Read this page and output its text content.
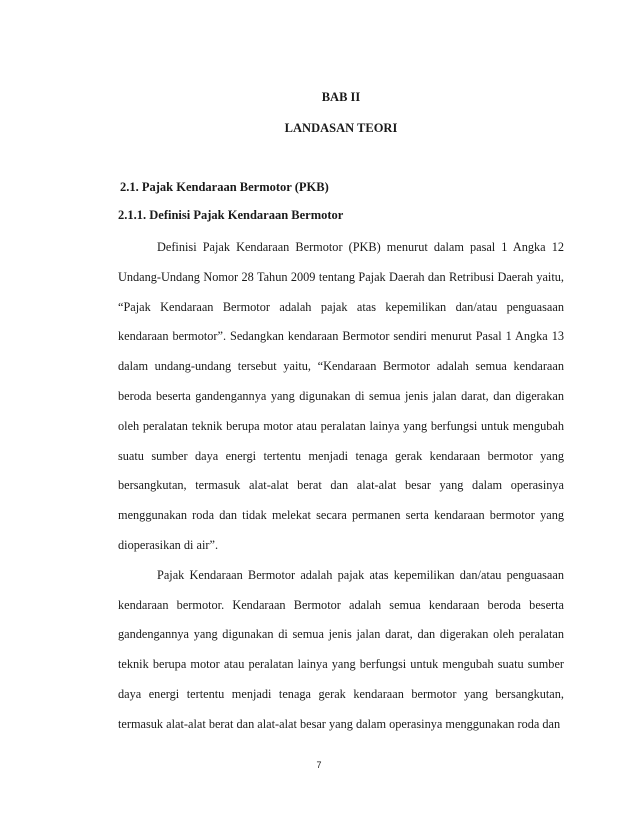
BAB II
LANDASAN TEORI
2.1. Pajak Kendaraan Bermotor (PKB)
2.1.1. Definisi Pajak Kendaraan Bermotor

Definisi Pajak Kendaraan Bermotor (PKB) menurut dalam pasal 1 Angka 12 Undang-Undang Nomor 28 Tahun 2009 tentang Pajak Daerah dan Retribusi Daerah yaitu, “Pajak Kendaraan Bermotor adalah pajak atas kepemilikan dan/atau penguasaan kendaraan bermotor”. Sedangkan kendaraan Bermotor sendiri menurut Pasal 1 Angka 13 dalam undang-undang tersebut yaitu, “Kendaraan Bermotor adalah semua kendaraan beroda beserta gandengannya yang digunakan di semua jenis jalan darat, dan digerakan oleh peralatan teknik berupa motor atau peralatan lainya yang berfungsi untuk mengubah suatu sumber daya energi tertentu menjadi tenaga gerak kendaraan bermotor yang bersangkutan, termasuk alat-alat berat dan alat-alat besar yang dalam operasinya menggunakan roda dan tidak melekat secara permanen serta kendaraan bermotor yang dioperasikan di air”.

Pajak Kendaraan Bermotor adalah pajak atas kepemilikan dan/atau penguasaan kendaraan bermotor. Kendaraan Bermotor adalah semua kendaraan beroda beserta gandengannya yang digunakan di semua jenis jalan darat, dan digerakan oleh peralatan teknik berupa motor atau peralatan lainya yang berfungsi untuk mengubah suatu sumber daya energi tertentu menjadi tenaga gerak kendaraan bermotor yang bersangkutan, termasuk alat-alat berat dan alat-alat besar yang dalam operasinya menggunakan roda dan

7
